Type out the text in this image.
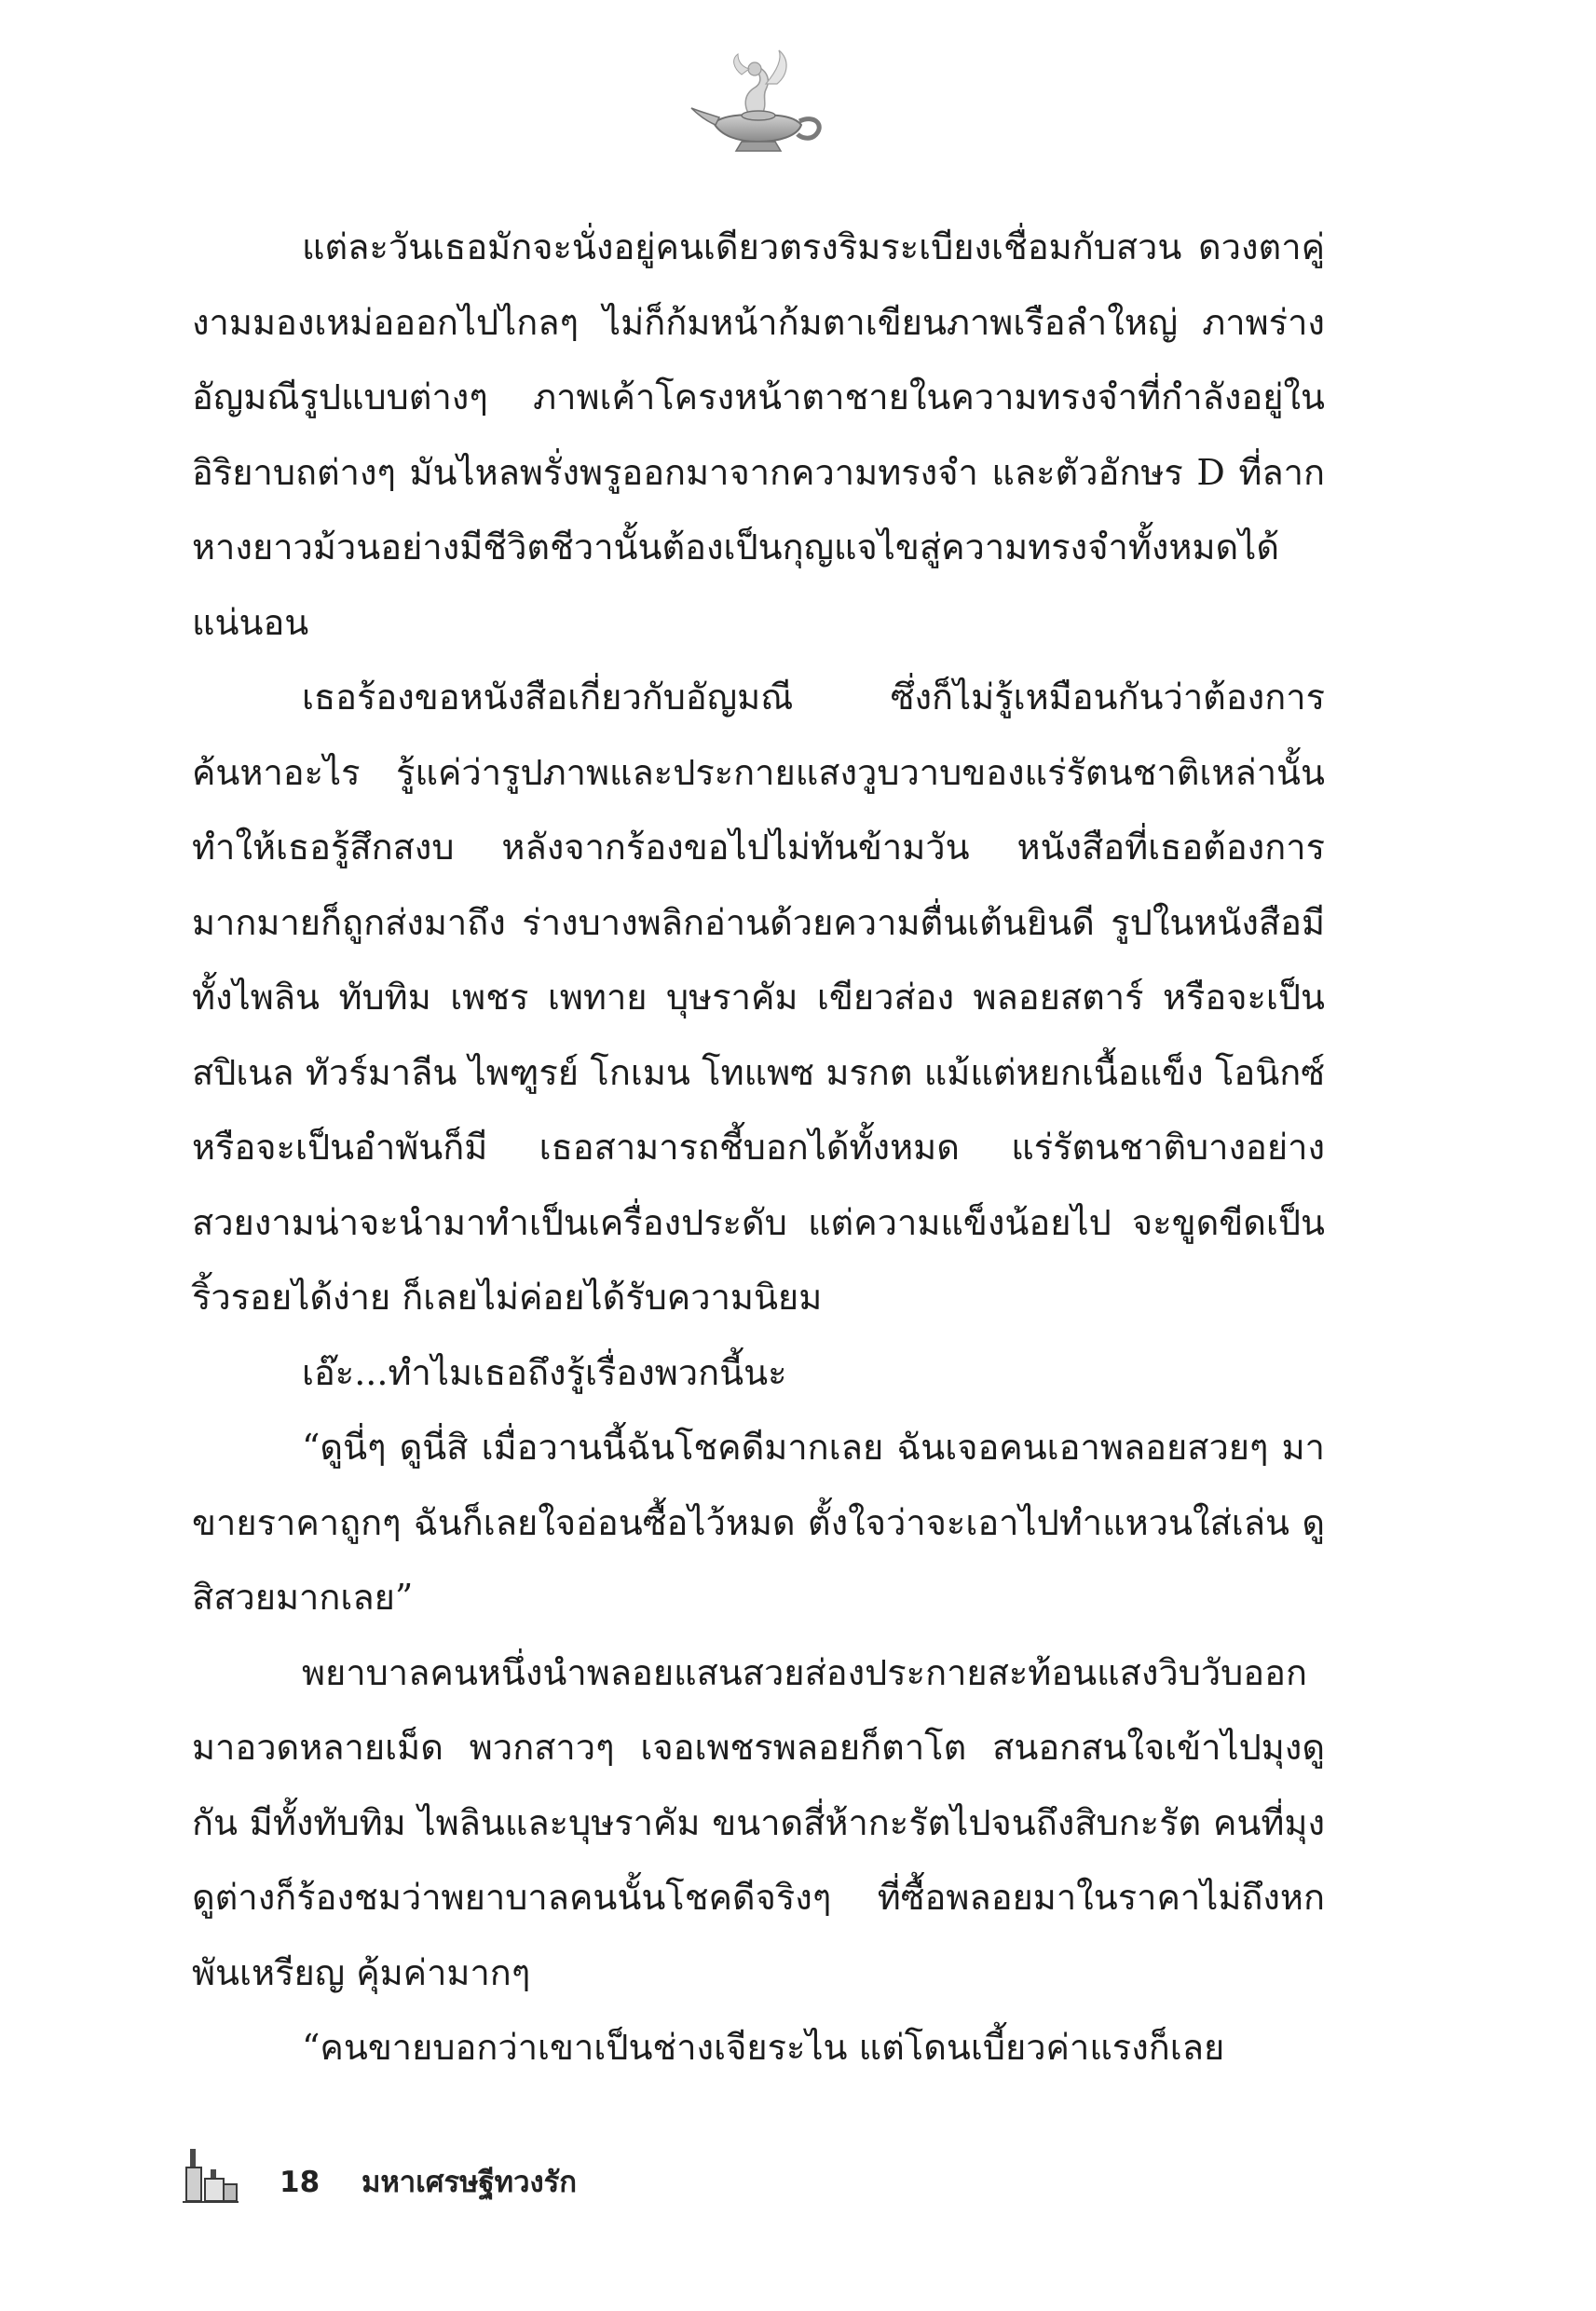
แต่ละวันเธอมักจะนั่งอยู่คนเดียวตรงริมระเบียงเชื่อมกับสวน ดวงตาคู่งามมองเหม่อออกไปไกลๆ ไม่ก็ก้มหน้าก้มตาเขียนภาพเรือลำใหญ่ ภาพร่างอัญมณีรูปแบบต่างๆ ภาพเค้าโครงหน้าตาชายในความทรงจำที่กำลังอยู่ในอิริยาบถต่างๆ มันไหลพรั่งพรูออกมาจากความทรงจำ และตัวอักษร D ที่ลากหางยาวม้วนอย่างมีชีวิตชีวานั้นต้องเป็นกุญแจไขสู่ความทรงจำทั้งหมดได้แน่นอน

เธอร้องขอหนังสือเกี่ยวกับอัญมณี ซึ่งก็ไม่รู้เหมือนกันว่าต้องการค้นหาอะไร รู้แค่ว่ารูปภาพและประกายแสงวูบวาบของแร่รัตนชาติเหล่านั้นทำให้เธอรู้สึกสงบ หลังจากร้องขอไปไม่ทันข้ามวัน หนังสือที่เธอต้องการมากมายก็ถูกส่งมาถึง ร่างบางพลิกอ่านด้วยความตื่นเต้นยินดี รูปในหนังสือมีทั้งไพลิน ทับทิม เพชร เพทาย บุษราคัม เขียวส่อง พลอยสตาร์ หรือจะเป็นสปิเนล ทัวร์มาลีน ไพฑูรย์ โกเมน โทแพซ มรกต แม้แต่หยกเนื้อแข็ง โอนิกซ์ หรือจะเป็นอำพันก็มี เธอสามารถชี้บอกได้ทั้งหมด แร่รัตนชาติบางอย่างสวยงามน่าจะนำมาทำเป็นเครื่องประดับ แต่ความแข็งน้อยไป จะขูดขีดเป็นริ้วรอยได้ง่าย ก็เลยไม่ค่อยได้รับความนิยม

เอ๊ะ...ทำไมเธอถึงรู้เรื่องพวกนี้นะ

“ดูนี่ๆ ดูนี่สิ เมื่อวานนี้ฉันโชคดีมากเลย ฉันเจอคนเอาพลอยสวยๆ มาขายราคาถูกๆ ฉันก็เลยใจอ่อนซื้อไว้หมด ตั้งใจว่าจะเอาไปทำแหวนใส่เล่น ดูสิสวยมากเลย”

พยาบาลคนหนึ่งนำพลอยแสนสวยส่องประกายสะท้อนแสงวิบวับออกมาอวดหลายเม็ด พวกสาวๆ เจอเพชรพลอยก็ตาโต สนอกสนใจเข้าไปมุงดูกัน มีทั้งทับทิม ไพลินและบุษราคัม ขนาดสี่ห้ากะรัตไปจนถึงสิบกะรัต คนที่มุงดูต่างก็ร้องชมว่าพยาบาลคนนั้นโชคดีจริงๆ ที่ซื้อพลอยมาในราคาไม่ถึงหกพันเหรียญ คุ้มค่ามากๆ

“คนขายบอกว่าเขาเป็นช่างเจียระไน แต่โดนเบี้ยวค่าแรงก็เลย

18 มหาเศรษฐีทวงรัก
